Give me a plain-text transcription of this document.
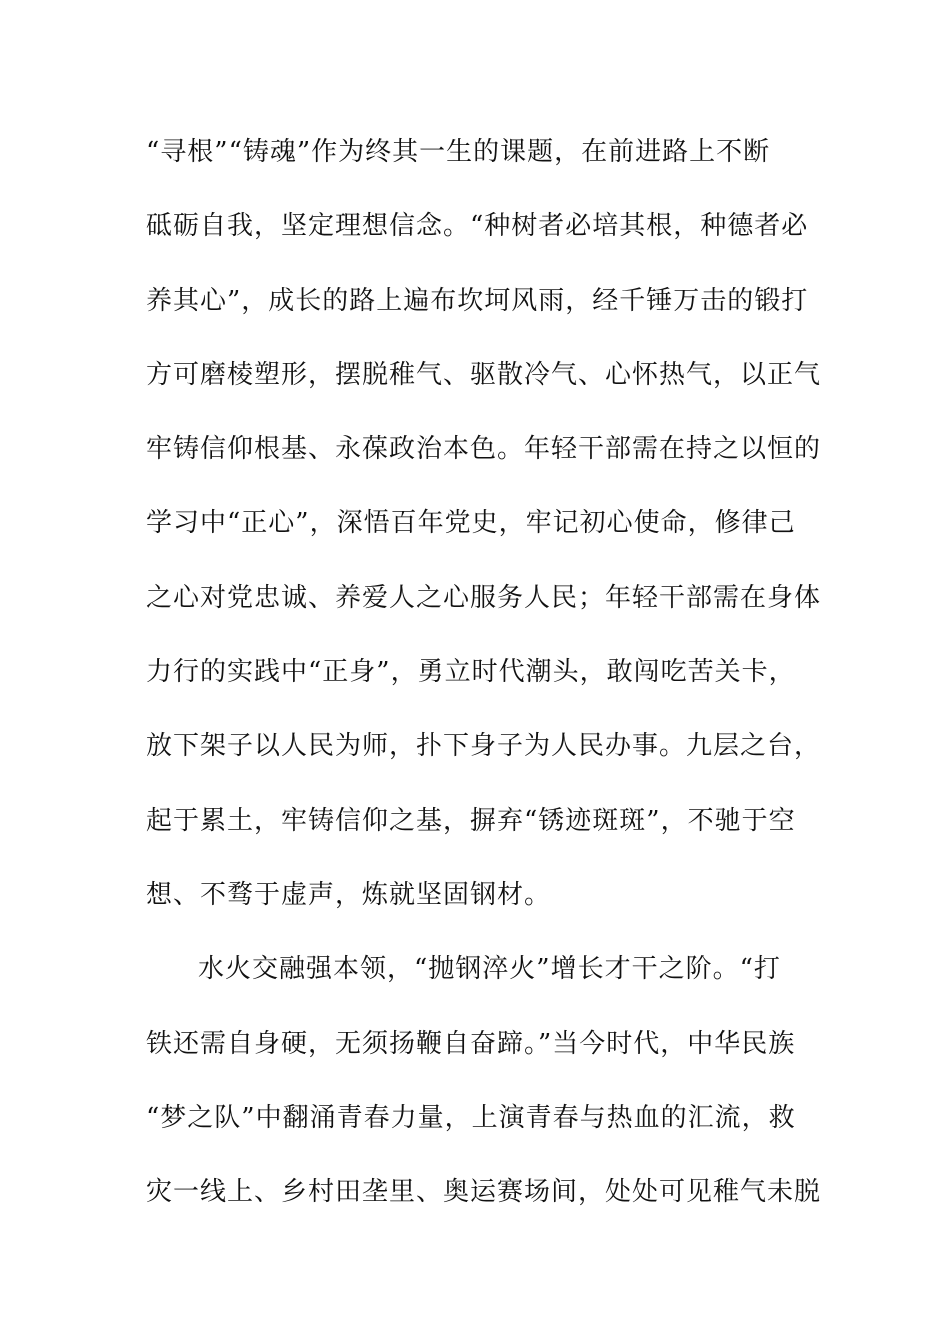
“寻根”“铸魂”作为终其一生的课题，在前进路上不断
砥砺自我，坚定理想信念。“种树者必培其根，种德者必
养其心”，成长的路上遍布坎坷风雨，经千锤万击的锻打
方可磨棱塑形，摆脱稚气、驱散冷气、心怀热气，以正气
牢铸信仰根基、永葆政治本色。年轻干部需在持之以恒的
学习中“正心”，深悟百年党史，牢记初心使命，修律己
之心对党忠诚、养爱人之心服务人民；年轻干部需在身体
力行的实践中“正身”，勇立时代潮头，敢闯吃苦关卡，
放下架子以人民为师，扑下身子为人民办事。九层之台，
起于累土，牢铸信仰之基，摒弃“锈迹斑斑”，不驰于空
想、不骛于虚声，炼就坚固钢材。
水火交融强本领，“抛钢淬火”增长才干之阶。“打
铁还需自身硬，无须扬鞭自奋蹄。”当今时代，中华民族
“梦之队”中翻涌青春力量，上演青春与热血的汇流，救
灾一线上、乡村田垄里、奥运赛场间，处处可见稚气未脱
